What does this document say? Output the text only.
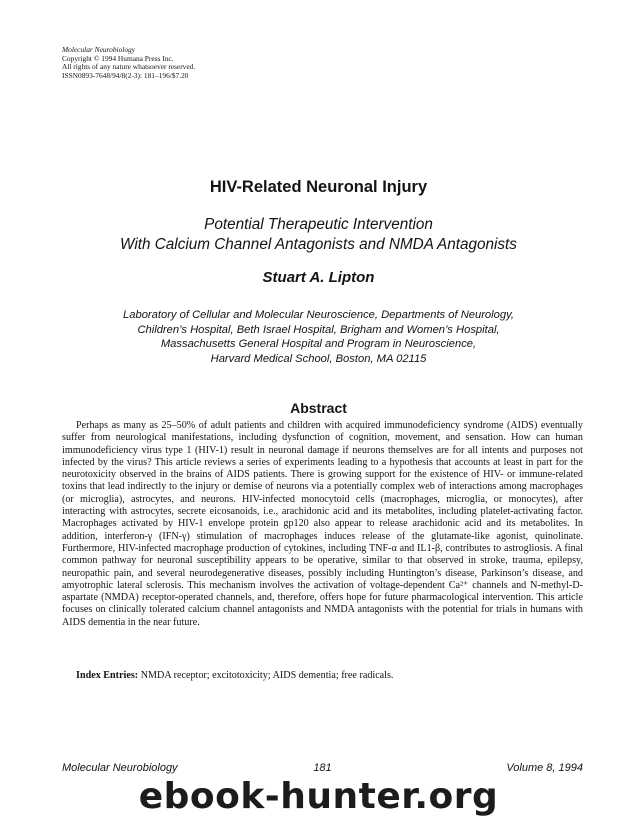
Molecular Neurobiology
Copyright © 1994 Humana Press Inc.
All rights of any nature whatsoever reserved.
ISSN0893-7648/94/8(2-3): 181–196/$7.20
HIV-Related Neuronal Injury
Potential Therapeutic Intervention
With Calcium Channel Antagonists and NMDA Antagonists
Stuart A. Lipton
Laboratory of Cellular and Molecular Neuroscience, Departments of Neurology,
Children’s Hospital, Beth Israel Hospital, Brigham and Women’s Hospital,
Massachusetts General Hospital and Program in Neuroscience,
Harvard Medical School, Boston, MA 02115
Abstract
Perhaps as many as 25–50% of adult patients and children with acquired immunodeficiency syndrome (AIDS) eventually suffer from neurological manifestations, including dysfunction of cognition, movement, and sensation. How can human immunodeficiency virus type 1 (HIV-1) result in neuronal damage if neurons themselves are for all intents and purposes not infected by the virus? This article reviews a series of experiments leading to a hypothesis that accounts at least in part for the neurotoxicity observed in the brains of AIDS patients. There is growing support for the existence of HIV- or immune-related toxins that lead indirectly to the injury or demise of neurons via a potentially complex web of interactions among macrophages (or microglia), astrocytes, and neurons. HIV-infected monocytoid cells (macrophages, microglia, or monocytes), after interacting with astrocytes, secrete eicosanoids, i.e., arachidonic acid and its metabolites, including platelet-activating factor. Macrophages activated by HIV-1 envelope protein gp120 also appear to release arachidonic acid and its metabolites. In addition, interferon-γ (IFN-γ) stimulation of macrophages induces release of the glutamate-like agonist, quinolinate. Furthermore, HIV-infected macrophage production of cytokines, including TNF-α and IL1-β, contributes to astrogliosis. A final common pathway for neuronal susceptibility appears to be operative, similar to that observed in stroke, trauma, epilepsy, neuropathic pain, and several neurodegenerative diseases, possibly including Huntington’s disease, Parkinson’s disease, and amyotrophic lateral sclerosis. This mechanism involves the activation of voltage-dependent Ca²⁺ channels and N-methyl-D-aspartate (NMDA) receptor-operated channels, and, therefore, offers hope for future pharmacological intervention. This article focuses on clinically tolerated calcium channel antagonists and NMDA antagonists with the potential for trials in humans with AIDS dementia in the near future.
Index Entries: NMDA receptor; excitotoxicity; AIDS dementia; free radicals.
Molecular Neurobiology	181	Volume 8, 1994
ebook-hunter.org
